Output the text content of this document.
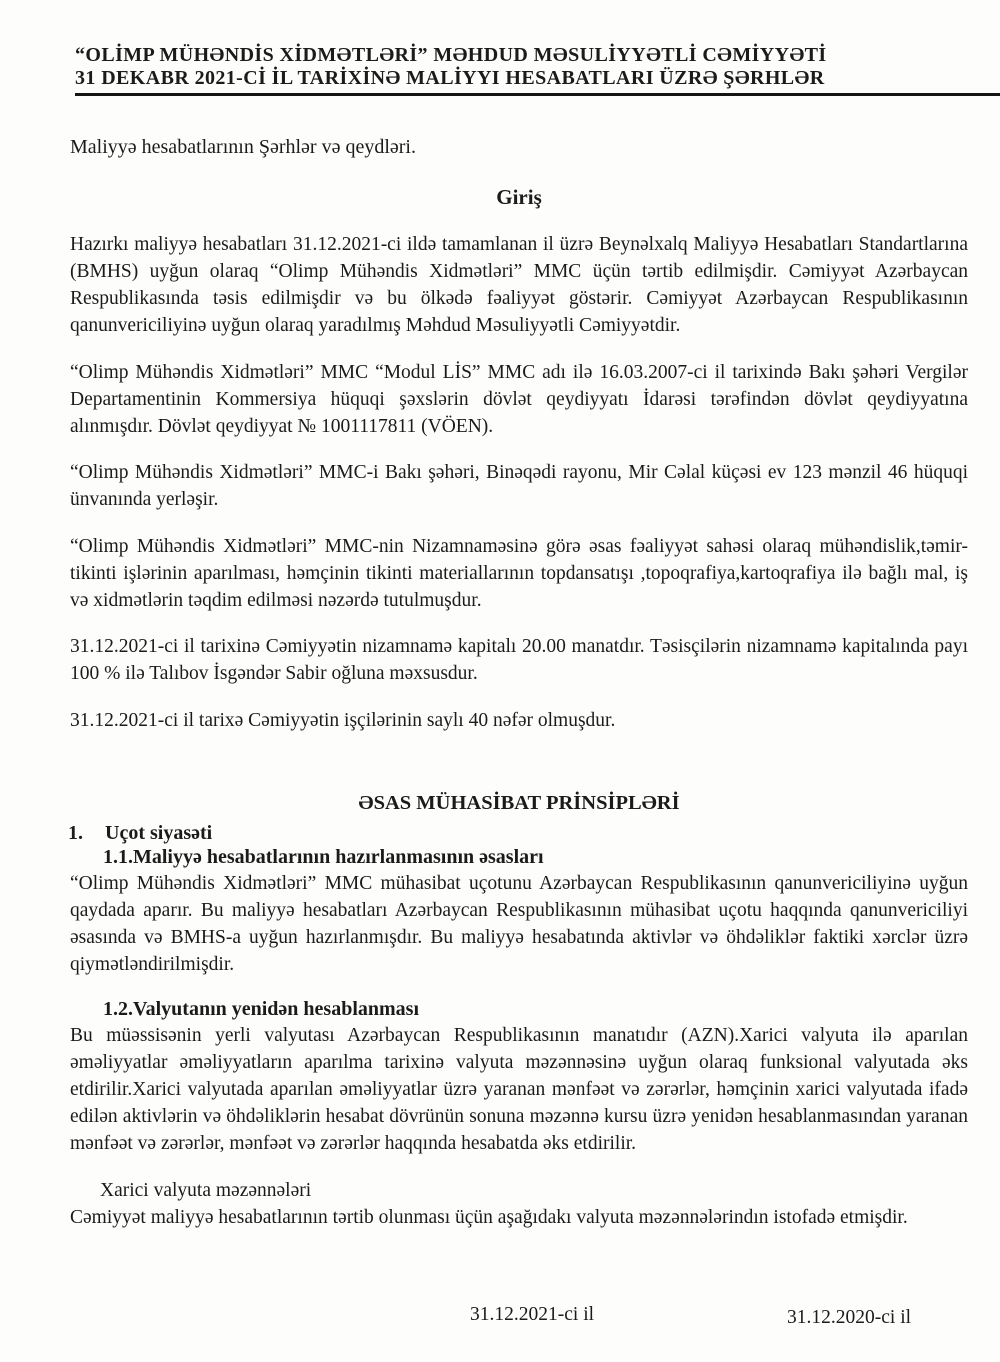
“OLİMP MÜHƏNDİS XİDMƏTLƏRİ” MƏHDUD MƏSULİYYƏTLİ CƏMİYYƏTİ
31 DEKABR 2021-Cİ İL TARİXİNƏ MALİYYI HESABATLARI ÜZRƏ ŞƏRHLƏR
Maliyyə hesabatlarının Şərhlər və qeydləri.
Giriş

Hazırkı maliyyə hesabatları 31.12.2021-ci ildə tamamlanan il üzrə Beynəlxalq Maliyyə Hesabatları Standartlarına (BMHS) uyğun olaraq “Olimp Mühəndis Xidmətləri” MMC üçün tərtib edilmişdir. Cəmiyyət Azərbaycan Respublikasında təsis edilmişdir və bu ölkədə fəaliyyət göstərir. Cəmiyyət Azərbaycan Respublikasının qanunvericiliyinə uyğun olaraq yaradılmış Məhdud Məsuliyyətli Cəmiyyətdir.

“Olimp Mühəndis Xidmətləri” MMC “Modul LİS” MMC adı ilə 16.03.2007-ci il tarixində Bakı şəhəri Vergilər Departamentinin Kommersiya hüquqi şəxslərin dövlət qeydiyyatı İdarəsi tərəfindən dövlət qeydiyyatına alınmışdır. Dövlət qeydiyyat № 1001117811 (VÖEN).

“Olimp Mühəndis Xidmətləri” MMC-i Bakı şəhəri, Binəqədi rayonu, Mir Cəlal küçəsi ev 123 mənzil 46 hüquqi ünvanında yerləşir.

“Olimp Mühəndis Xidmətləri” MMC-nin Nizamnaməsinə görə əsas fəaliyyət sahəsi olaraq mühəndislik,təmir-tikinti işlərinin aparılması, həmçinin tikinti materiallarının topdansatışı ,topoqrafiya,kartoqrafiya ilə bağlı mal, iş və xidmətlərin təqdim edilməsi nəzərdə tutulmuşdur.

31.12.2021-ci il tarixinə Cəmiyyətin nizamnamə kapitalı 20.00 manatdır. Təsisçilərin nizamnamə kapitalında payı 100 % ilə Talıbov İsgəndər Sabir oğluna məxsusdur.

31.12.2021-ci il tarixə Cəmiyyətin işçilərinin saylı 40 nəfər olmuşdur.

ƏSAS MÜHASİBAT PRİNSİPLƏRİ
1.	Uçot siyasəti
1.1.Maliyyə hesabatlarının hazırlanmasının əsasları

“Olimp Mühəndis Xidmətləri” MMC mühasibat uçotunu Azərbaycan Respublikasının qanunvericiliyinə uyğun qaydada aparır. Bu maliyyə hesabatları Azərbaycan Respublikasının mühasibat uçotu haqqında qanunvericiliyi əsasında və BMHS-a uyğun hazırlanmışdır. Bu maliyyə hesabatında aktivlər və öhdəliklər faktiki xərclər üzrə qiymətləndirilmişdir.

1.2.Valyutanın yenidən hesablanması

Bu müəssisənin yerli valyutası Azərbaycan Respublikasının manatıdır (AZN).Xarici valyuta ilə aparılan əməliyyatlar əməliyyatların aparılma tarixinə valyuta məzənnəsinə uyğun olaraq funksional valyutada əks etdirilir.Xarici valyutada aparılan əməliyyatlar üzrə yaranan mənfəət və zərərlər, həmçinin xarici valyutada ifadə edilən aktivlərin və öhdəliklərin hesabat dövrünün sonuna məzənnə kursu üzrə yenidən hesablanmasından yaranan mənfəət və zərərlər, mənfəət və zərərlər haqqında hesabatda əks etdirilir.

Xarici valyuta məzənnələri

Cəmiyyət maliyyə hesabatlarının tərtib olunması üçün aşağıdakı valyuta məzənnələrindın istofadə etmişdir.

31.12.2021-ci il	31.12.2020-ci il
